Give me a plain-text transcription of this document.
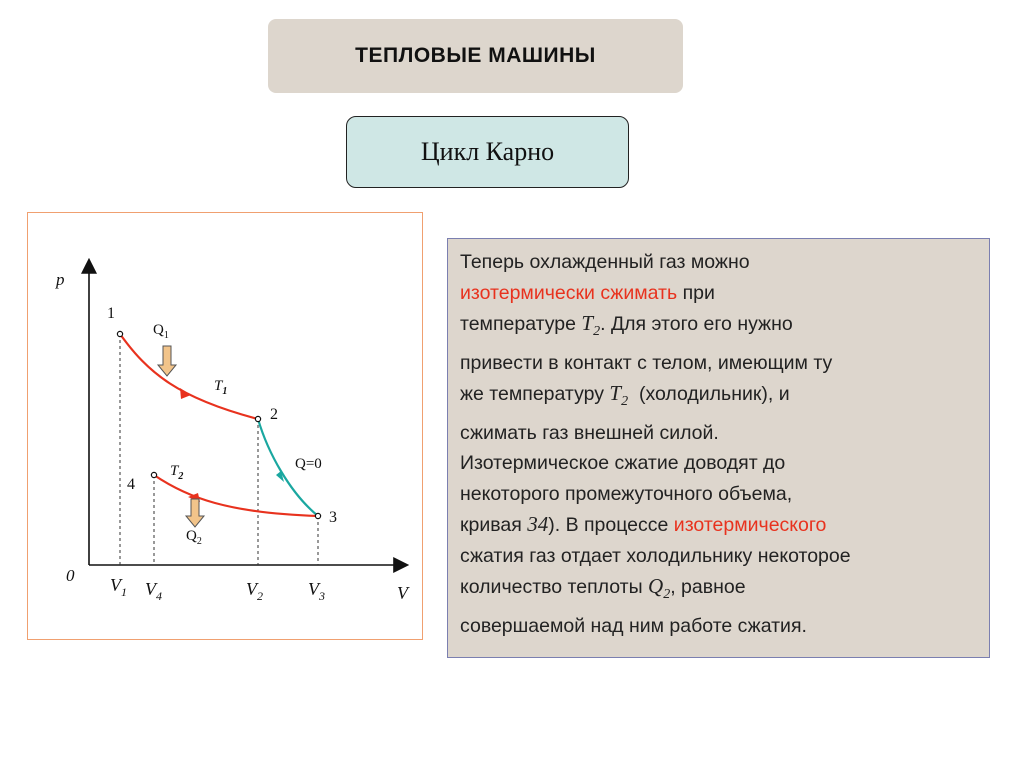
ТЕПЛОВЫЕ МАШИНЫ
Цикл Карно
p
V
0
1
2
3
4
$Q_1$
$Q_2$
Q=0
$T_1$
$T_2$
$V_1$ $V_4$	$V_2$	$V_3$
Теперь охлажденный газ можно
изотермически сжимать при
температуре $T_2$. Для этого его нужно
привести в контакт с телом, имеющим ту
же температуру $T_2$  (холодильник), и
сжимать газ внешней силой.
Изотермическое сжатие доводят до
некоторого промежуточного объема,
кривая 34). В процессе изотермического
сжатия газ отдает холодильнику некоторое
количество теплоты $Q_2$, равное
совершаемой над ним работе сжатия.
